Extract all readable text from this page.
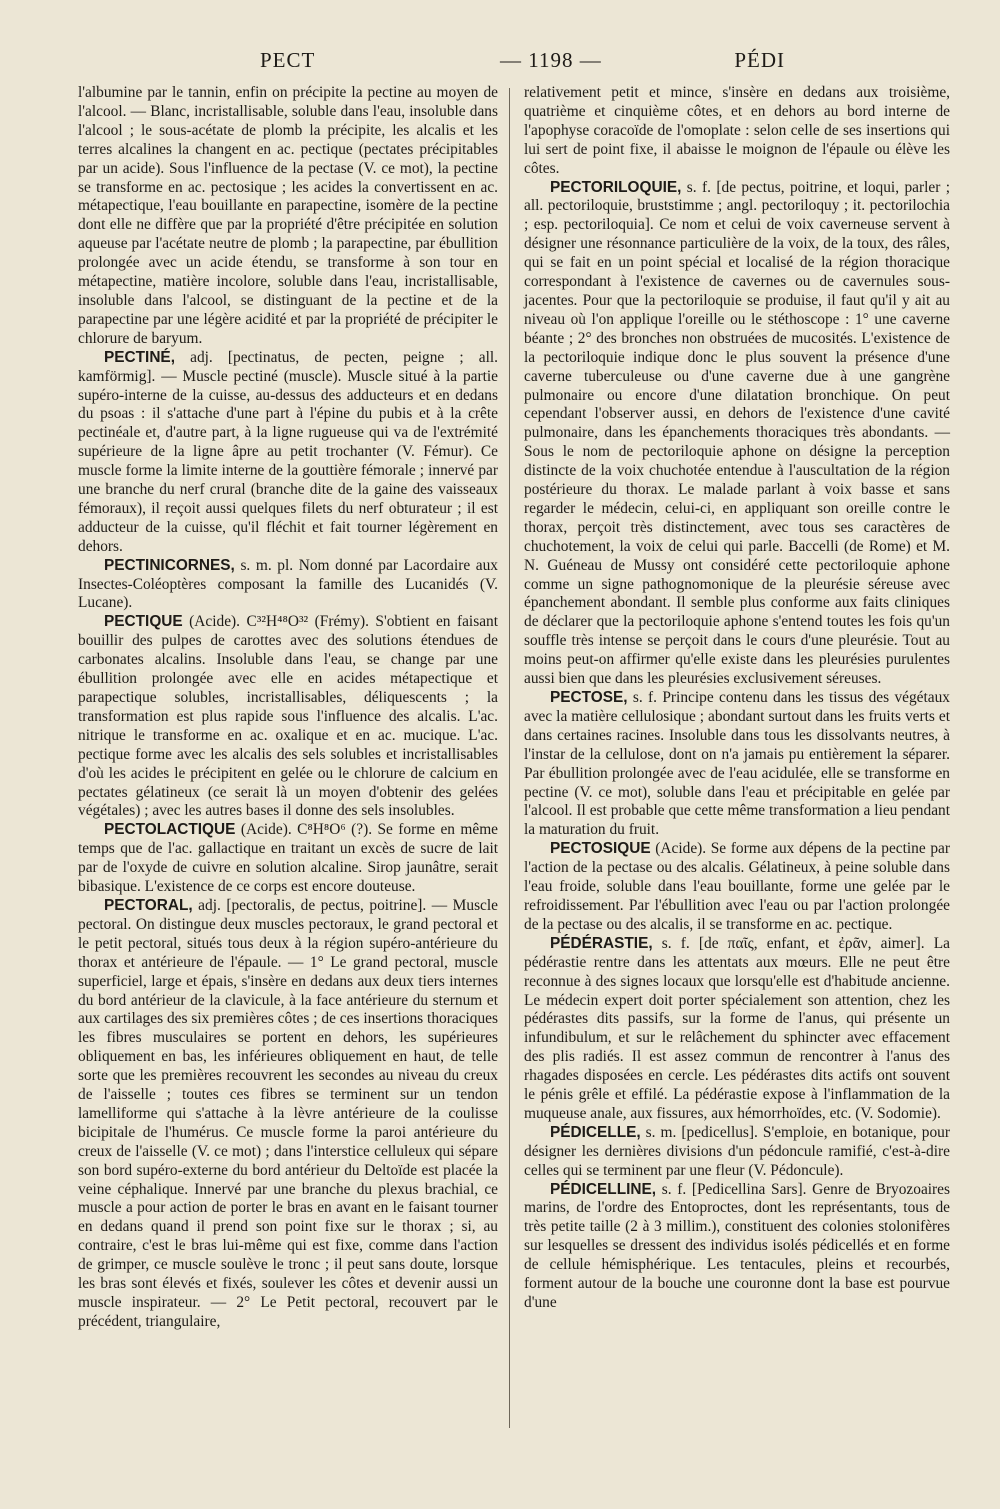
PECT	— 1198 —	PÉDI

l'albumine par le tannin, enfin on précipite la pectine au moyen de l'alcool. — Blanc, incristallisable, soluble dans l'eau, insoluble dans l'alcool ; le sous-acétate de plomb la précipite, les alcalis et les terres alcalines la changent en ac. pectique (pectates précipitables par un acide). Sous l'influence de la pectase (V. ce mot), la pectine se transforme en ac. pectosique ; les acides la convertissent en ac. métapectique, l'eau bouillante en parapectine, isomère de la pectine dont elle ne diffère que par la propriété d'être précipitée en solution aqueuse par l'acétate neutre de plomb ; la parapectine, par ébullition prolongée avec un acide étendu, se transforme à son tour en métapectine, matière incolore, soluble dans l'eau, incristallisable, insoluble dans l'alcool, se distinguant de la pectine et de la parapectine par une légère acidité et par la propriété de précipiter le chlorure de baryum.

PECTINÉ, adj. [pectinatus, de pecten, peigne ; all. kamförmig]. — Muscle pectiné (muscle). Muscle situé à la partie supéro-interne de la cuisse, au-dessus des adducteurs et en dedans du psoas : il s'attache d'une part à l'épine du pubis et à la crête pectinéale et, d'autre part, à la ligne rugueuse qui va de l'extrémité supérieure de la ligne âpre au petit trochanter (V. Fémur). Ce muscle forme la limite interne de la gouttière fémorale ; innervé par une branche du nerf crural (branche dite de la gaine des vaisseaux fémoraux), il reçoit aussi quelques filets du nerf obturateur ; il est adducteur de la cuisse, qu'il fléchit et fait tourner légèrement en dehors.

PECTINICORNES, s. m. pl. Nom donné par Lacordaire aux Insectes-Coléoptères composant la famille des Lucanidés (V. Lucane).

PECTIQUE (Acide). C³²H⁴⁸O³² (Frémy). S'obtient en faisant bouillir des pulpes de carottes avec des solutions étendues de carbonates alcalins. Insoluble dans l'eau, se change par une ébullition prolongée avec elle en acides métapectique et parapectique solubles, incristallisables, déliquescents ; la transformation est plus rapide sous l'influence des alcalis. L'ac. nitrique le transforme en ac. oxalique et en ac. mucique. L'ac. pectique forme avec les alcalis des sels solubles et incristallisables d'où les acides le précipitent en gelée ou le chlorure de calcium en pectates gélatineux (ce serait là un moyen d'obtenir des gelées végétales) ; avec les autres bases il donne des sels insolubles.

PECTOLACTIQUE (Acide). C⁸H⁸O⁶ (?). Se forme en même temps que de l'ac. gallactique en traitant un excès de sucre de lait par de l'oxyde de cuivre en solution alcaline. Sirop jaunâtre, serait bibasique. L'existence de ce corps est encore douteuse.

PECTORAL, adj. [pectoralis, de pectus, poitrine]. — Muscle pectoral. On distingue deux muscles pectoraux, le grand pectoral et le petit pectoral, situés tous deux à la région supéro-antérieure du thorax et antérieure de l'épaule. — 1° Le grand pectoral, muscle superficiel, large et épais, s'insère en dedans aux deux tiers internes du bord antérieur de la clavicule, à la face antérieure du sternum et aux cartilages des six premières côtes ; de ces insertions thoraciques les fibres musculaires se portent en dehors, les supérieures obliquement en bas, les inférieures obliquement en haut, de telle sorte que les premières recouvrent les secondes au niveau du creux de l'aisselle ; toutes ces fibres se terminent sur un tendon lamelliforme qui s'attache à la lèvre antérieure de la coulisse bicipitale de l'humérus. Ce muscle forme la paroi antérieure du creux de l'aisselle (V. ce mot) ; dans l'interstice celluleux qui sépare son bord supéro-externe du bord antérieur du Deltoïde est placée la veine céphalique. Innervé par une branche du plexus brachial, ce muscle a pour action de porter le bras en avant en le faisant tourner en dedans quand il prend son point fixe sur le thorax ; si, au contraire, c'est le bras lui-même qui est fixe, comme dans l'action de grimper, ce muscle soulève le tronc ; il peut sans doute, lorsque les bras sont élevés et fixés, soulever les côtes et devenir aussi un muscle inspirateur. — 2° Le Petit pectoral, recouvert par le précédent, triangulaire,

relativement petit et mince, s'insère en dedans aux troisième, quatrième et cinquième côtes, et en dehors au bord interne de l'apophyse coracoïde de l'omoplate : selon celle de ses insertions qui lui sert de point fixe, il abaisse le moignon de l'épaule ou élève les côtes.

PECTORILOQUIE, s. f. [de pectus, poitrine, et loqui, parler ; all. pectoriloquie, bruststimme ; angl. pectoriloquy ; it. pectorilochia ; esp. pectoriloquia]. Ce nom et celui de voix caverneuse servent à désigner une résonnance particulière de la voix, de la toux, des râles, qui se fait en un point spécial et localisé de la région thoracique correspondant à l'existence de cavernes ou de cavernules sous-jacentes. Pour que la pectoriloquie se produise, il faut qu'il y ait au niveau où l'on applique l'oreille ou le stéthoscope : 1° une caverne béante ; 2° des bronches non obstruées de mucosités. L'existence de la pectoriloquie indique donc le plus souvent la présence d'une caverne tuberculeuse ou d'une caverne due à une gangrène pulmonaire ou encore d'une dilatation bronchique. On peut cependant l'observer aussi, en dehors de l'existence d'une cavité pulmonaire, dans les épanchements thoraciques très abondants. — Sous le nom de pectoriloquie aphone on désigne la perception distincte de la voix chuchotée entendue à l'auscultation de la région postérieure du thorax. Le malade parlant à voix basse et sans regarder le médecin, celui-ci, en appliquant son oreille contre le thorax, perçoit très distinctement, avec tous ses caractères de chuchotement, la voix de celui qui parle. Baccelli (de Rome) et M. N. Guéneau de Mussy ont considéré cette pectoriloquie aphone comme un signe pathognomonique de la pleurésie séreuse avec épanchement abondant. Il semble plus conforme aux faits cliniques de déclarer que la pectoriloquie aphone s'entend toutes les fois qu'un souffle très intense se perçoit dans le cours d'une pleurésie. Tout au moins peut-on affirmer qu'elle existe dans les pleurésies purulentes aussi bien que dans les pleurésies exclusivement séreuses.

PECTOSE, s. f. Principe contenu dans les tissus des végétaux avec la matière cellulosique ; abondant surtout dans les fruits verts et dans certaines racines. Insoluble dans tous les dissolvants neutres, à l'instar de la cellulose, dont on n'a jamais pu entièrement la séparer. Par ébullition prolongée avec de l'eau acidulée, elle se transforme en pectine (V. ce mot), soluble dans l'eau et précipitable en gelée par l'alcool. Il est probable que cette même transformation a lieu pendant la maturation du fruit.

PECTOSIQUE (Acide). Se forme aux dépens de la pectine par l'action de la pectase ou des alcalis. Gélatineux, à peine soluble dans l'eau froide, soluble dans l'eau bouillante, forme une gelée par le refroidissement. Par l'ébullition avec l'eau ou par l'action prolongée de la pectase ou des alcalis, il se transforme en ac. pectique.

PÉDÉRASTIE, s. f. [de παῖς, enfant, et ἐρᾶν, aimer]. La pédérastie rentre dans les attentats aux mœurs. Elle ne peut être reconnue à des signes locaux que lorsqu'elle est d'habitude ancienne. Le médecin expert doit porter spécialement son attention, chez les pédérastes dits passifs, sur la forme de l'anus, qui présente un infundibulum, et sur le relâchement du sphincter avec effacement des plis radiés. Il est assez commun de rencontrer à l'anus des rhagades disposées en cercle. Les pédérastes dits actifs ont souvent le pénis grêle et effilé. La pédérastie expose à l'inflammation de la muqueuse anale, aux fissures, aux hémorrhoïdes, etc. (V. Sodomie).

PÉDICELLE, s. m. [pedicellus]. S'emploie, en botanique, pour désigner les dernières divisions d'un pédoncule ramifié, c'est-à-dire celles qui se terminent par une fleur (V. Pédoncule).

PÉDICELLINE, s. f. [Pedicellina Sars]. Genre de Bryozoaires marins, de l'ordre des Entoproctes, dont les représentants, tous de très petite taille (2 à 3 millim.), constituent des colonies stolonifères sur lesquelles se dressent des individus isolés pédicellés et en forme de cellule hémisphérique. Les tentacules, pleins et recourbés, forment autour de la bouche une couronne dont la base est pourvue d'une
